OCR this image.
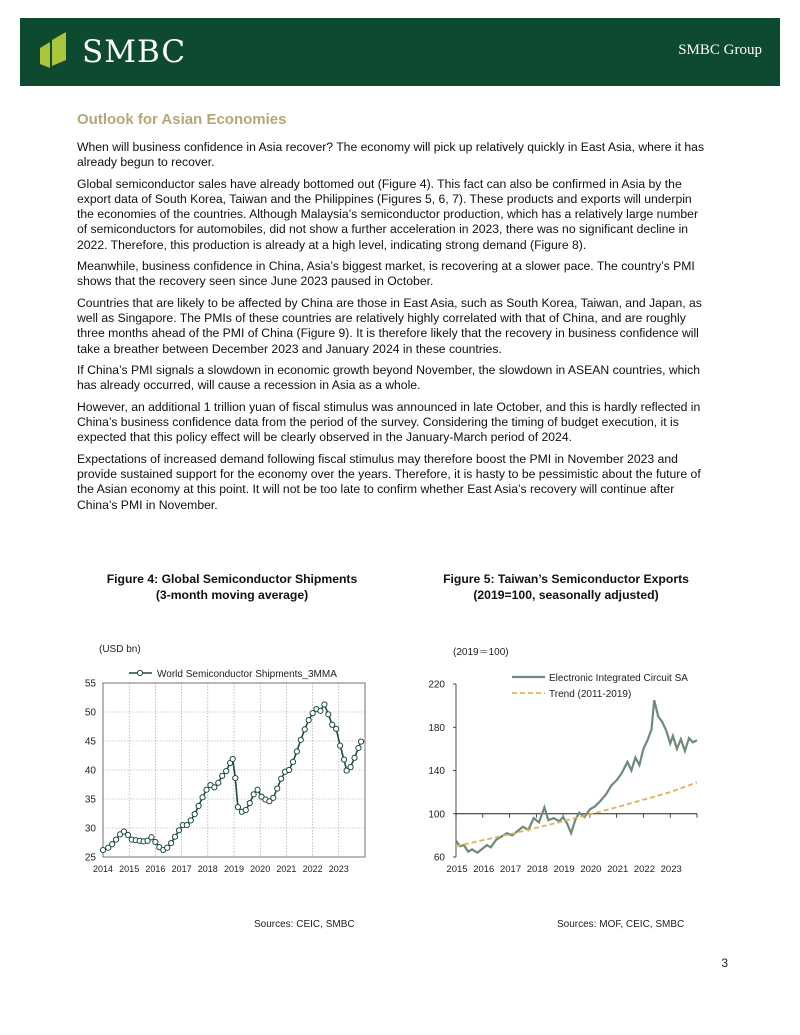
SMBC	SMBC Group
Outlook for Asian Economies

When will business confidence in Asia recover? The economy will pick up relatively quickly in East Asia, where it has already begun to recover.

Global semiconductor sales have already bottomed out (Figure 4). This fact can also be confirmed in Asia by the export data of South Korea, Taiwan and the Philippines (Figures 5, 6, 7). These products and exports will underpin the economies of the countries. Although Malaysia’s semiconductor production, which has a relatively large number of semiconductors for automobiles, did not show a further acceleration in 2023, there was no significant decline in 2022. Therefore, this production is already at a high level, indicating strong demand (Figure 8).

Meanwhile, business confidence in China, Asia’s biggest market, is recovering at a slower pace. The country’s PMI shows that the recovery seen since June 2023 paused in October.

Countries that are likely to be affected by China are those in East Asia, such as South Korea, Taiwan, and Japan, as well as Singapore. The PMIs of these countries are relatively highly correlated with that of China, and are roughly three months ahead of the PMI of China (Figure 9). It is therefore likely that the recovery in business confidence will take a breather between December 2023 and January 2024 in these countries.

If China’s PMI signals a slowdown in economic growth beyond November, the slowdown in ASEAN countries, which has already occurred, will cause a recession in Asia as a whole.

However, an additional 1 trillion yuan of fiscal stimulus was announced in late October, and this is hardly reflected in China’s business confidence data from the period of the survey. Considering the timing of budget execution, it is expected that this policy effect will be clearly observed in the January-March period of 2024.

Expectations of increased demand following fiscal stimulus may therefore boost the PMI in November 2023 and provide sustained support for the economy over the years. Therefore, it is hasty to be pessimistic about the future of the Asian economy at this point. It will not be too late to confirm whether East Asia’s recovery will continue after China’s PMI in November.

Figure 4: Global Semiconductor Shipments
(3-month moving average)
Figure 5: Taiwan’s Semiconductor Exports
(2019=100, seasonally adjusted)
(USD bn)
25
30
35
40
45
50
55
2014 2015 2016 2017 2018 2019 2020 2021 2022 2023
World Semiconductor Shipments_3MMA
(2019＝100)
60
100
140
180
220
2015 2016 2017 2018 2019 2020 2021 2022 2023
Electronic Integrated Circuit SA
Trend (2011-2019)
Sources: CEIC, SMBC	Sources: MOF, CEIC, SMBC
3
